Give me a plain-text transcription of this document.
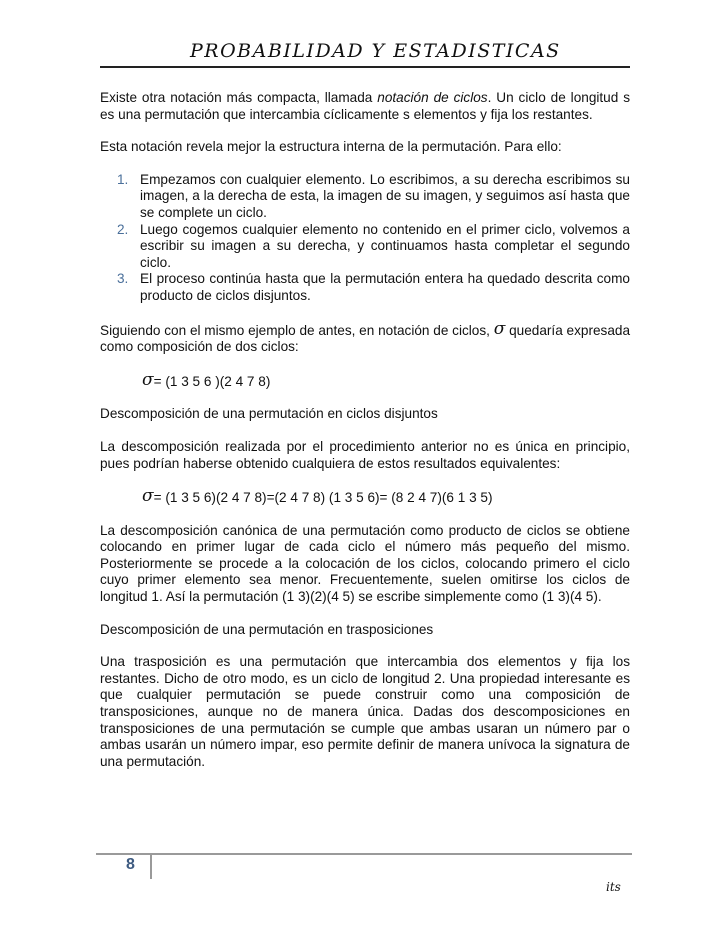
PROBABILIDAD Y ESTADISTICAS

Existe otra notación más compacta, llamada notación de ciclos. Un ciclo de longitud s es una permutación que intercambia cíclicamente s elementos y fija los restantes.

Esta notación revela mejor la estructura interna de la permutación. Para ello:

1. Empezamos con cualquier elemento. Lo escribimos, a su derecha escribimos su imagen, a la derecha de esta, la imagen de su imagen, y seguimos así hasta que se complete un ciclo.
2. Luego cogemos cualquier elemento no contenido en el primer ciclo, volvemos a escribir su imagen a su derecha, y continuamos hasta completar el segundo ciclo.
3. El proceso continúa hasta que la permutación entera ha quedado descrita como producto de ciclos disjuntos.

Siguiendo con el mismo ejemplo de antes, en notación de ciclos, σ quedaría expresada como composición de dos ciclos:

σ= (1 3 5 6 )(2 4 7 8)

Descomposición de una permutación en ciclos disjuntos

La descomposición realizada por el procedimiento anterior no es única en principio, pues podrían haberse obtenido cualquiera de estos resultados equivalentes:

σ= (1 3 5 6)(2 4 7 8)=(2 4 7 8) (1 3 5 6)= (8 2 4 7)(6 1 3 5)

La descomposición canónica de una permutación como producto de ciclos se obtiene colocando en primer lugar de cada ciclo el número más pequeño del mismo. Posteriormente se procede a la colocación de los ciclos, colocando primero el ciclo cuyo primer elemento sea menor. Frecuentemente, suelen omitirse los ciclos de longitud 1. Así la permutación (1 3)(2)(4 5) se escribe simplemente como (1 3)(4 5).

Descomposición de una permutación en trasposiciones

Una trasposición es una permutación que intercambia dos elementos y fija los restantes. Dicho de otro modo, es un ciclo de longitud 2. Una propiedad interesante es que cualquier permutación se puede construir como una composición de transposiciones, aunque no de manera única. Dadas dos descomposiciones en transposiciones de una permutación se cumple que ambas usaran un número par o ambas usarán un número impar, eso permite definir de manera unívoca la signatura de una permutación.

8
its
